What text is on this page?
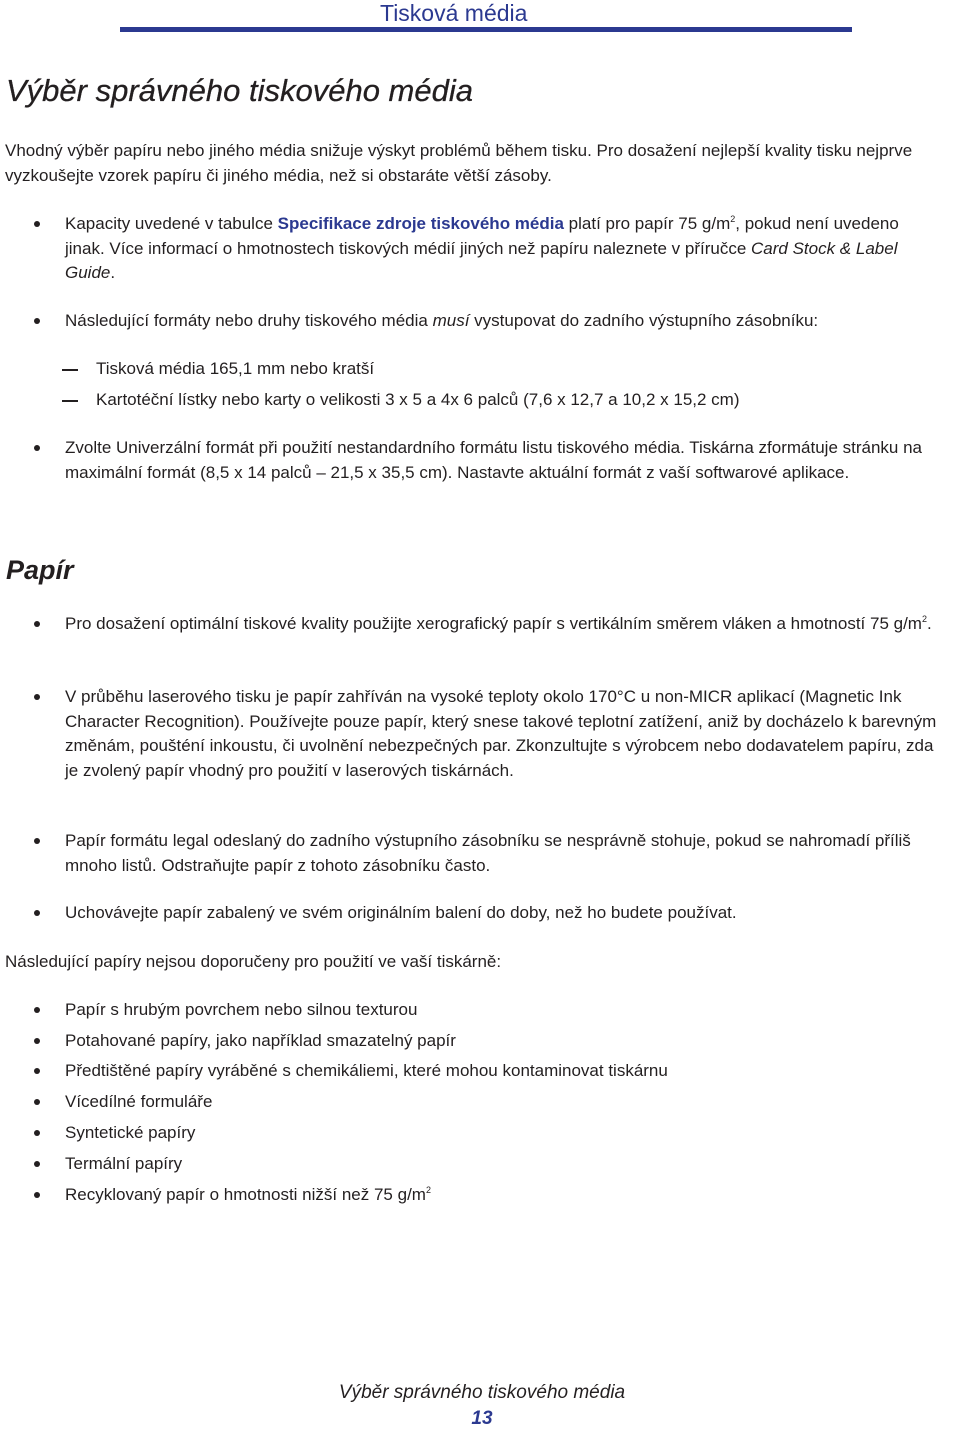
Tisková média
Výběr správného tiskového média

Vhodný výběr papíru nebo jiného média snižuje výskyt problémů během tisku. Pro dosažení nejlepší kvality tisku nejprve vyzkoušejte vzorek papíru či jiného média, než si obstaráte větší zásoby.

Kapacity uvedené v tabulce Specifikace zdroje tiskového média platí pro papír 75 $g/m^2$, pokud není uvedeno jinak. Více informací o hmotnostech tiskových médií jiných než papíru naleznete v příručce Card Stock & Label Guide.
Následující formáty nebo druhy tiskového média musí vystupovat do zadního výstupního zásobníku:
Tisková média 165,1 mm nebo kratší
Kartotéční lístky nebo karty o velikosti 3 x 5 a 4x 6 palců (7,6 x 12,7 a 10,2 x 15,2 cm)
Zvolte Univerzální formát při použití nestandardního formátu listu tiskového média. Tiskárna zformátuje stránku na maximální formát (8,5 x 14 palců – 21,5 x 35,5 cm). Nastavte aktuální formát z vaší softwarové aplikace.
Papír
Pro dosažení optimální tiskové kvality použijte xerografický papír s vertikálním směrem vláken a hmotností 75 $g/m^2$.
V průběhu laserového tisku je papír zahříván na vysoké teploty okolo 170°C u non-MICR aplikací (Magnetic Ink Character Recognition). Používejte pouze papír, který snese takové teplotní zatížení, aniž by docházelo k barevným změnám, poušténí inkoustu, či uvolnění nebezpečných par. Zkonzultujte s výrobcem nebo dodavatelem papíru, zda je zvolený papír vhodný pro použití v laserových tiskárnách.
Papír formátu legal odeslaný do zadního výstupního zásobníku se nesprávně stohuje, pokud se nahromadí příliš mnoho listů. Odstraňujte papír z tohoto zásobníku často.
Uchovávejte papír zabalený ve svém originálním balení do doby, než ho budete používat.

Následující papíry nejsou doporučeny pro použití ve vaší tiskárně:

Papír s hrubým povrchem nebo silnou texturou
Potahované papíry, jako například smazatelný papír
Předtištěné papíry vyráběné s chemikáliemi, které mohou kontaminovat tiskárnu
Vícedílné formuláře
Syntetické papíry
Termální papíry
Recyklovaný papír o hmotnosti nižší než 75 $g/m^2$
Výběr správného tiskového média
13
